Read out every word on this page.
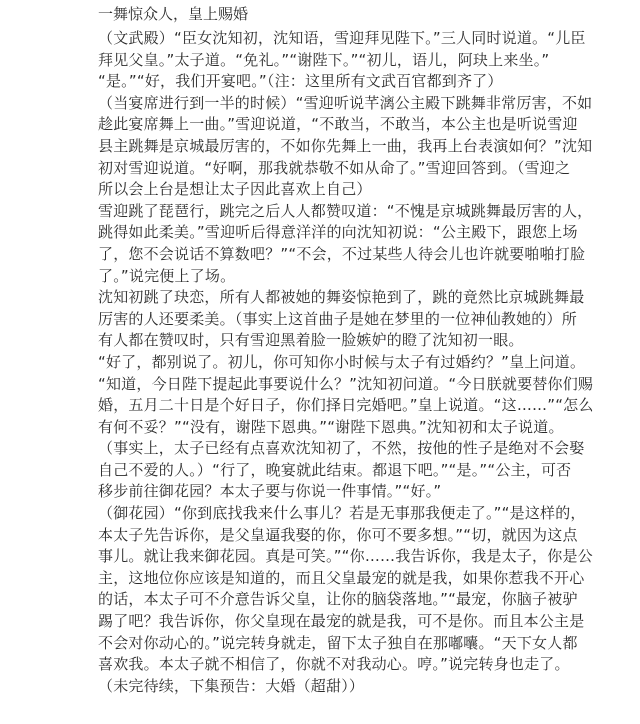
一舞惊众人，皇上赐婚
（文武殿）“臣女沈知初，沈知语，雪迎拜见陛下。”三人同时说道。“儿臣
拜见父皇。”太子道。“免礼。”“谢陛下。”“初儿，语儿，阿玦上来坐。”
“是。”“好，我们开宴吧。”（注：这里所有文武百官都到齐了）
（当宴席进行到一半的时候）“雪迎听说芊漓公主殿下跳舞非常厉害，不如
趁此宴席舞上一曲。”雪迎说道，“不敢当，不敢当，本公主也是听说雪迎
县主跳舞是京城最厉害的，不如你先舞上一曲，我再上台表演如何？”沈知
初对雪迎说道。“好啊，那我就恭敬不如从命了。”雪迎回答到。（雪迎之
所以会上台是想让太子因此喜欢上自己）
雪迎跳了琵琶行，跳完之后人人都赞叹道：“不愧是京城跳舞最厉害的人，
跳得如此柔美。”雪迎听后得意洋洋的向沈知初说：“公主殿下，跟您上场
了，您不会说话不算数吧？”“不会，不过某些人待会儿也许就要啪啪打脸
了。”说完便上了场。
沈知初跳了玦恋，所有人都被她的舞姿惊艳到了，跳的竟然比京城跳舞最
厉害的人还要柔美。（事实上这首曲子是她在梦里的一位神仙教她的）所
有人都在赞叹时，只有雪迎黑着脸一脸嫉妒的瞪了沈知初一眼。
“好了，都别说了。初儿，你可知你小时候与太子有过婚约？”皇上问道。
“知道，今日陛下提起此事要说什么？”沈知初问道。“今日朕就要替你们赐
婚，五月二十日是个好日子，你们择日完婚吧。”皇上说道。“这……”“怎么
有何不妥？”“没有，谢陛下恩典。”“谢陛下恩典。”沈知初和太子说道。
（事实上，太子已经有点喜欢沈知初了，不然，按他的性子是绝对不会娶
自己不爱的人。）“行了，晚宴就此结束。都退下吧。”“是。”“公主，可否
移步前往御花园？本太子要与你说一件事情。”“好。”
（御花园）“你到底找我来什么事儿？若是无事那我便走了。”“是这样的，
本太子先告诉你，是父皇逼我娶的你，你可不要多想。”“切，就因为这点
事儿。就让我来御花园。真是可笑。”“你……我告诉你，我是太子，你是公
主，这地位你应该是知道的，而且父皇最宠的就是我，如果你惹我不开心
的话，本太子可不介意告诉父皇，让你的脑袋落地。”“最宠，你脑子被驴
踢了吧？我告诉你，你父皇现在最宠的就是我，可不是你。而且本公主是
不会对你动心的。”说完转身就走，留下太子独自在那嘟囔。“天下女人都
喜欢我。本太子就不相信了，你就不对我动心。哼。”说完转身也走了。
（未完待续，下集预告：大婚（超甜））
